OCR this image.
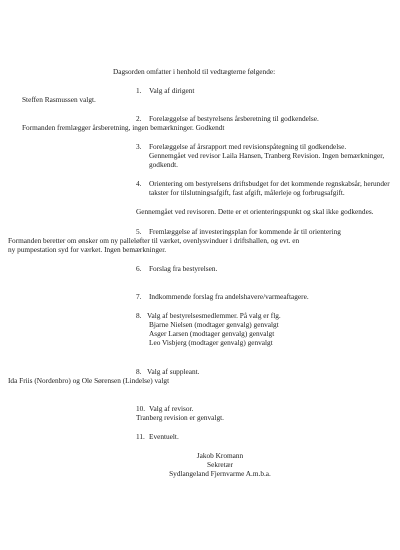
Dagsorden omfatter i henhold til vedtægterne følgende:
1. Valg af dirigent
Steffen Rasmussen valgt.
2. Forelæggelse af bestyrelsens årsberetning til godkendelse.
Formanden fremlægger årsberetning, ingen bemærkninger. Godkendt
3. Forelæggelse af årsrapport med revisionspåtegning til godkendelse.
Gennemgået ved revisor Laila Hansen, Tranberg Revision. Ingen bemærkninger,
godkendt.
4. Orientering om bestyrelsens driftsbudget for det kommende regnskabsår, herunder
takster for tilslutningsafgift, fast afgift, målerleje og forbrugsafgift.
Gennemgået ved revisoren. Dette er et orienteringspunkt og skal ikke godkendes.
5. Fremlæggelse af investeringsplan for kommende år til orientering
Formanden beretter om ønsker om ny palleløfter til værket, ovenlysvinduer i driftshallen, og evt. en
ny pumpestation syd for værket. Ingen bemærkninger.
6. Forslag fra bestyrelsen.
7. Indkommende forslag fra andelshavere/varmeaftagere.
8. Valg af bestyrelsesmedlemmer. På valg er flg.
Bjarne Nielsen (modtager genvalg) genvalgt
Asger Larsen (modtager genvalg) genvalgt
Leo Visbjerg (modtager genvalg) genvalgt
8. Valg af suppleant.
Ida Friis (Nordenbro) og Ole Sørensen (Lindelse) valgt
10. Valg af revisor.
Tranberg revision er genvalgt.
11. Eventuelt.
Jakob Kromann
Sekretær
Sydlangeland Fjernvarme A.m.b.a.
